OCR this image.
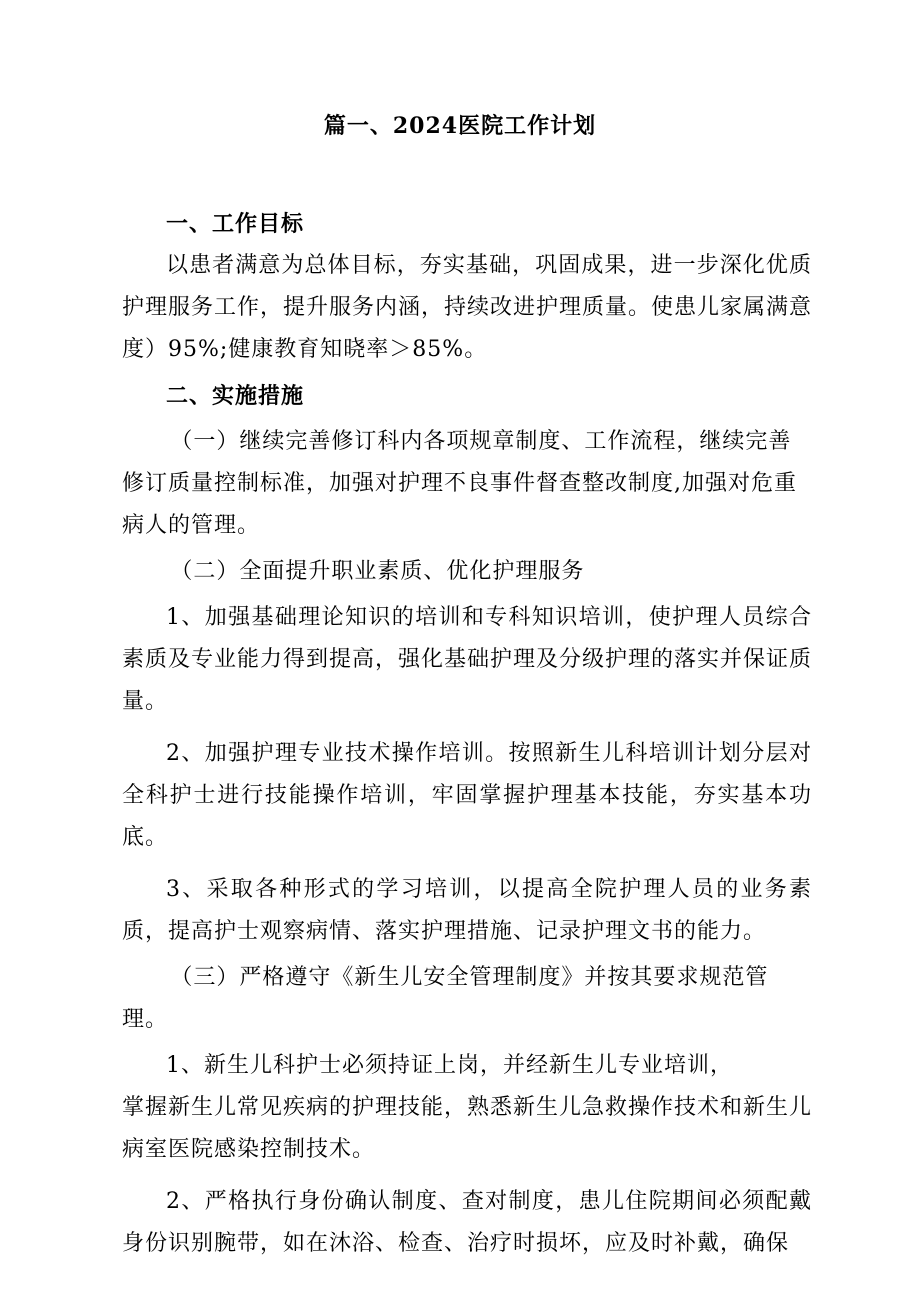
篇一、2024医院工作计划

一、工作目标

以患者满意为总体目标，夯实基础，巩固成果，进一步深化优质护理服务工作，提升服务内涵，持续改进护理质量。使患儿家属满意度）95%;健康教育知晓率＞85%。

二、实施措施

（一）继续完善修订科内各项规章制度、工作流程，继续完善修订质量控制标准，加强对护理不良事件督查整改制度,加强对危重病人的管理。

（二）全面提升职业素质、优化护理服务

1、加强基础理论知识的培训和专科知识培训，使护理人员综合素质及专业能力得到提高，强化基础护理及分级护理的落实并保证质量。

2、加强护理专业技术操作培训。按照新生儿科培训计划分层对全科护士进行技能操作培训，牢固掌握护理基本技能，夯实基本功底。

3、采取各种形式的学习培训，以提高全院护理人员的业务素质，提高护士观察病情、落实护理措施、记录护理文书的能力。

（三）严格遵守《新生儿安全管理制度》并按其要求规范管理。

1、新生儿科护士必须持证上岗，并经新生儿专业培训，

掌握新生儿常见疾病的护理技能，熟悉新生儿急救操作技术和新生儿病室医院感染控制技术。

2、严格执行身份确认制度、查对制度，患儿住院期间必须配戴身份识别腕带，如在沐浴、检查、治疗时损坏，应及时补戴，确保
